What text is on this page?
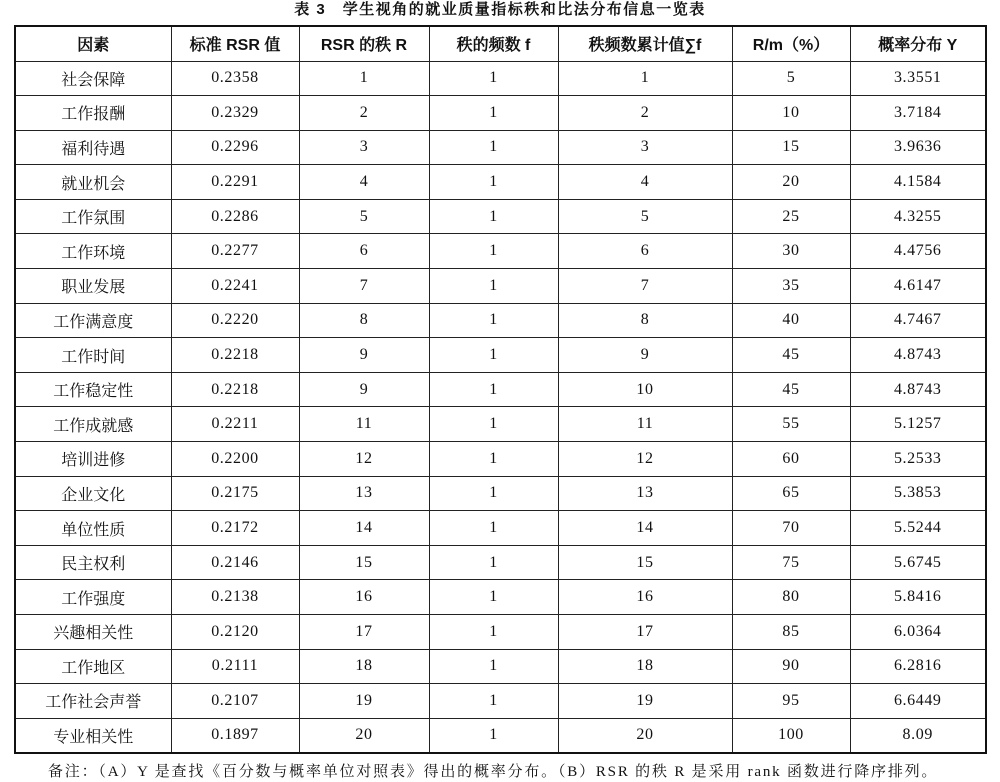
表 3　学生视角的就业质量指标秩和比法分布信息一览表
因素	标准 RSR 值	RSR 的秩 R	秩的频数 f	秩频数累计值∑f	R/m（%）	概率分布 Y
社会保障	0.2358	1	1	1	5	3.3551
工作报酬	0.2329	2	1	2	10	3.7184
福利待遇	0.2296	3	1	3	15	3.9636
就业机会	0.2291	4	1	4	20	4.1584
工作氛围	0.2286	5	1	5	25	4.3255
工作环境	0.2277	6	1	6	30	4.4756
职业发展	0.2241	7	1	7	35	4.6147
工作满意度	0.2220	8	1	8	40	4.7467
工作时间	0.2218	9	1	9	45	4.8743
工作稳定性	0.2218	9	1	10	45	4.8743
工作成就感	0.2211	11	1	11	55	5.1257
培训进修	0.2200	12	1	12	60	5.2533
企业文化	0.2175	13	1	13	65	5.3853
单位性质	0.2172	14	1	14	70	5.5244
民主权利	0.2146	15	1	15	75	5.6745
工作强度	0.2138	16	1	16	80	5.8416
兴趣相关性	0.2120	17	1	17	85	6.0364
工作地区	0.2111	18	1	18	90	6.2816
工作社会声誉	0.2107	19	1	19	95	6.6449
专业相关性	0.1897	20	1	20	100	8.09
备注：（A）Y 是查找《百分数与概率单位对照表》得出的概率分布。（B）RSR 的秩 R 是采用 rank 函数进行降序排列。
